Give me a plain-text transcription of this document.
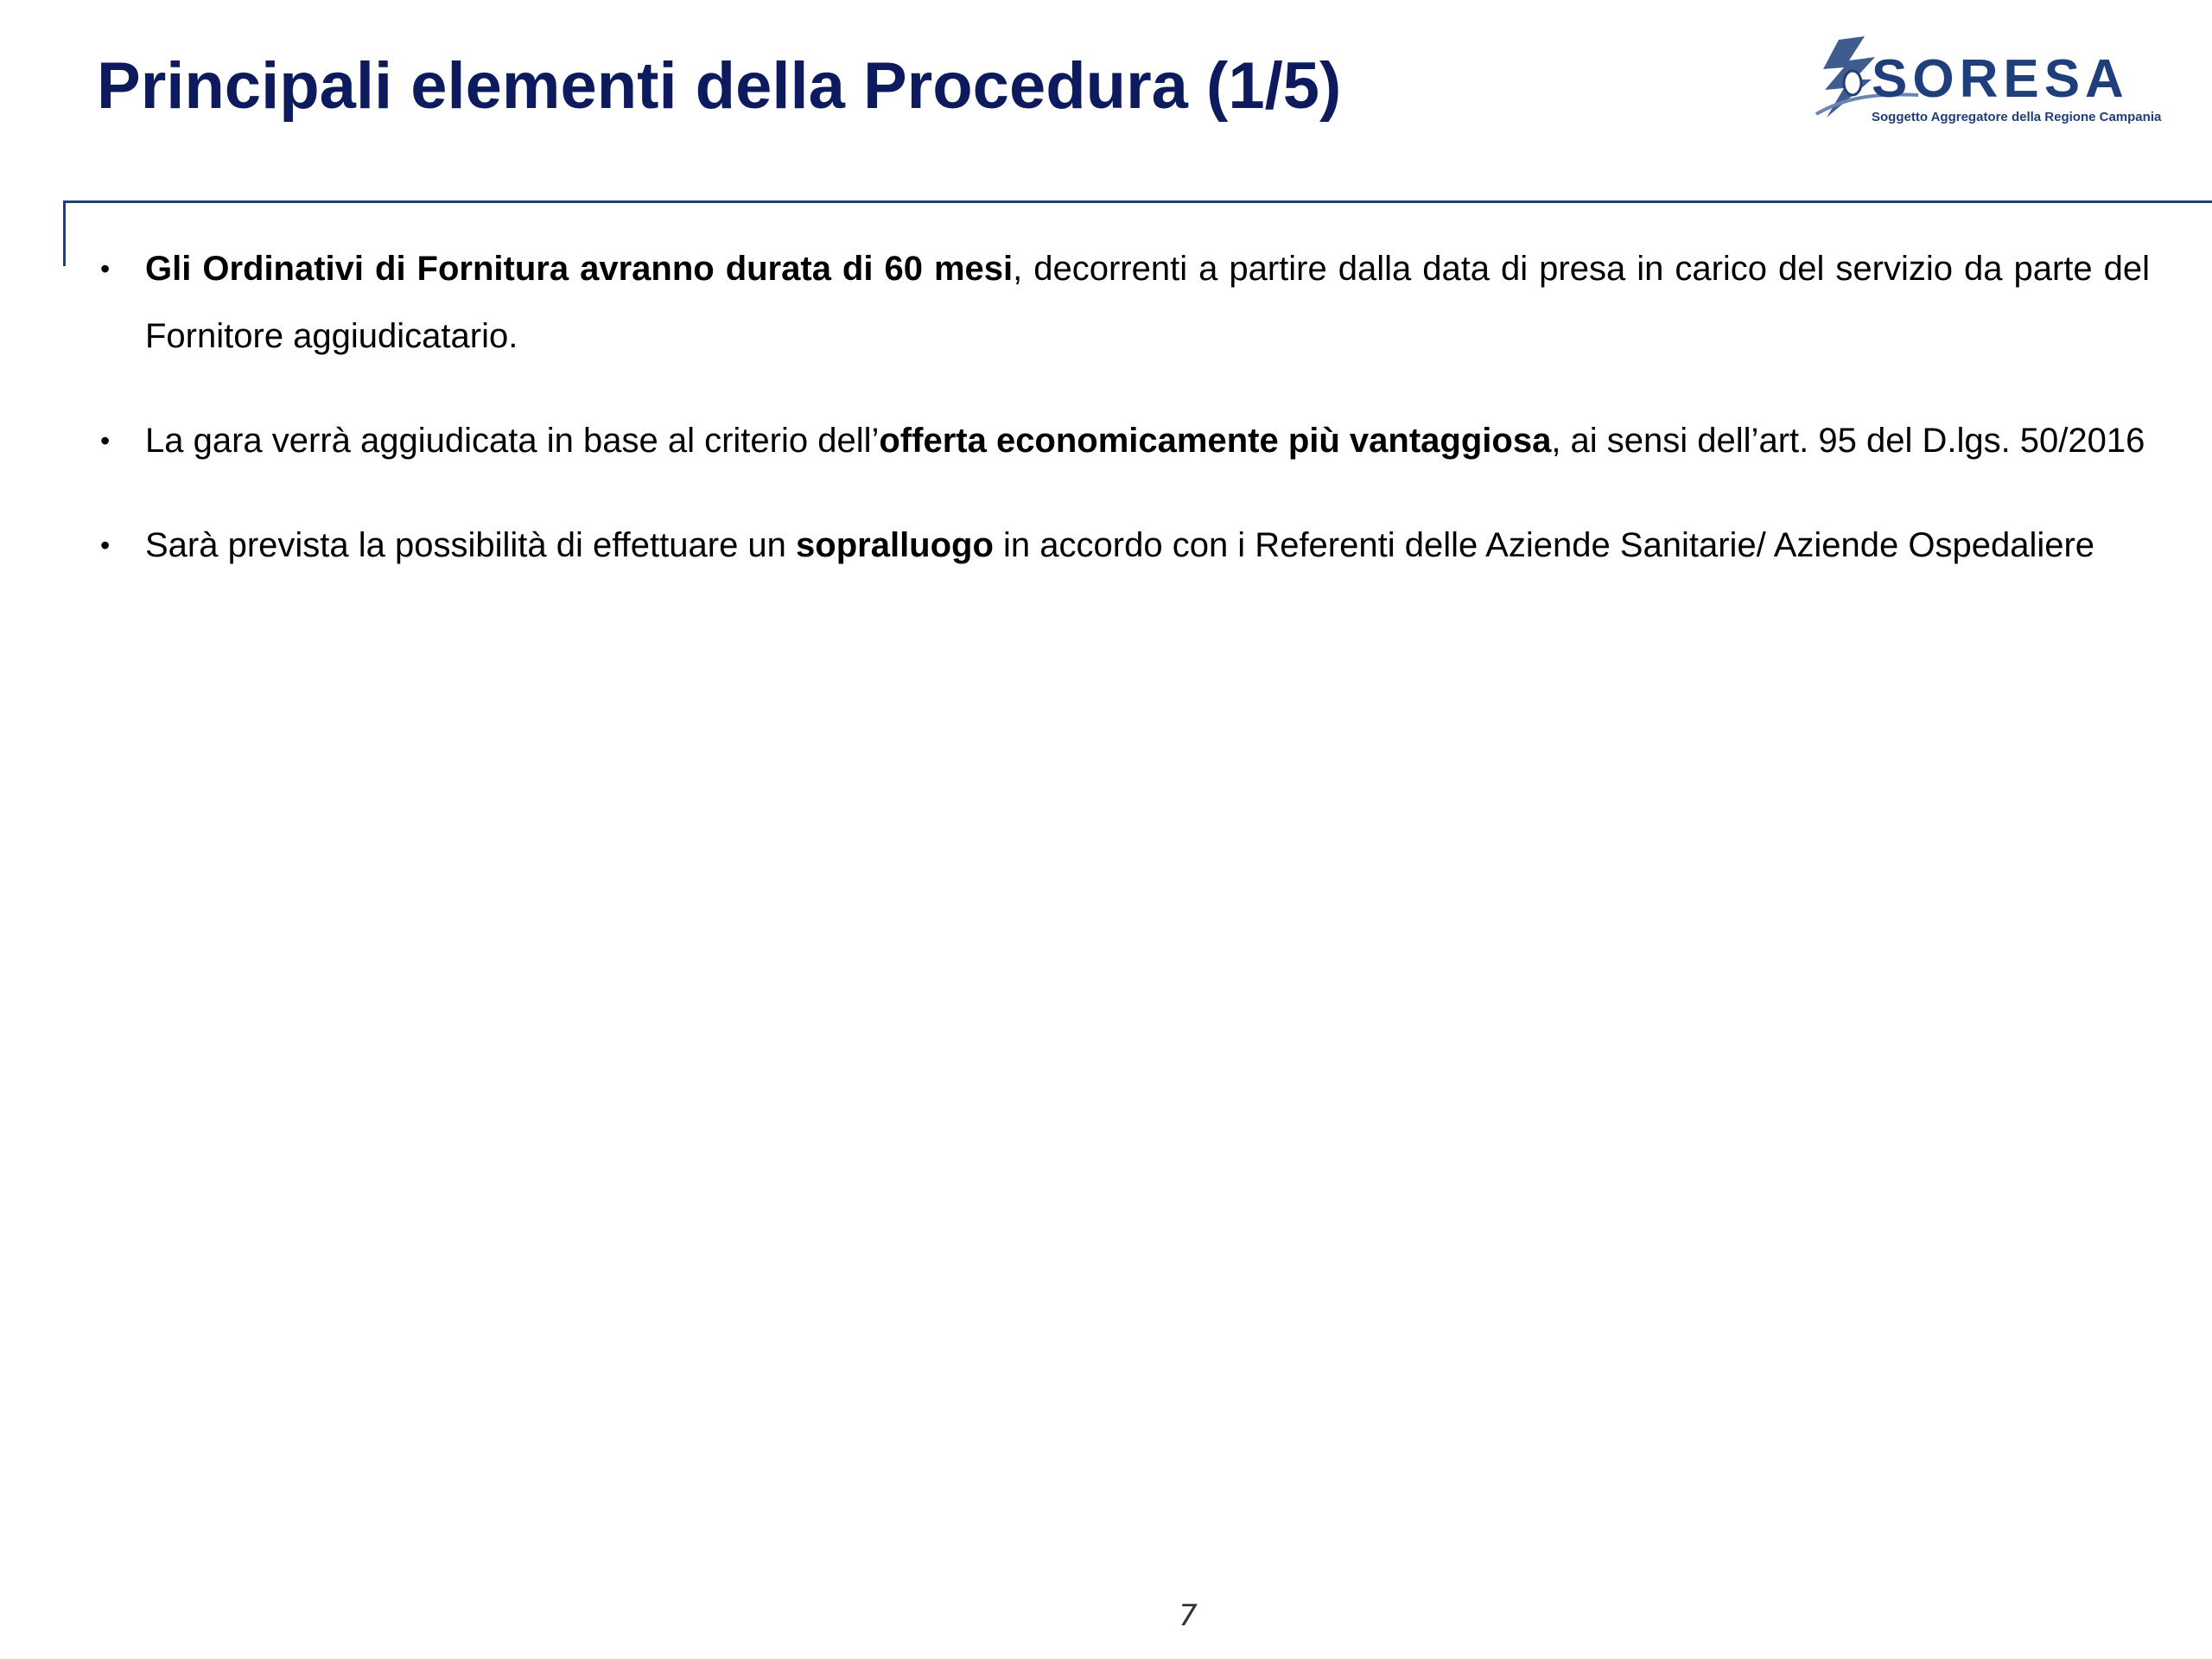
Principali elementi della Procedura (1/5)	SORESA
Soggetto Aggregatore della Regione Campania

• Gli Ordinativi di Fornitura avranno durata di 60 mesi, decorrenti a partire dalla data di presa in carico del servizio da parte del Fornitore aggiudicatario.

• La gara verrà aggiudicata in base al criterio dell’offerta economicamente più vantaggiosa, ai sensi dell’art. 95 del D.lgs. 50/2016

• Sarà prevista la possibilità di effettuare un sopralluogo in accordo con i Referenti delle Aziende Sanitarie/ Aziende Ospedaliere

7
